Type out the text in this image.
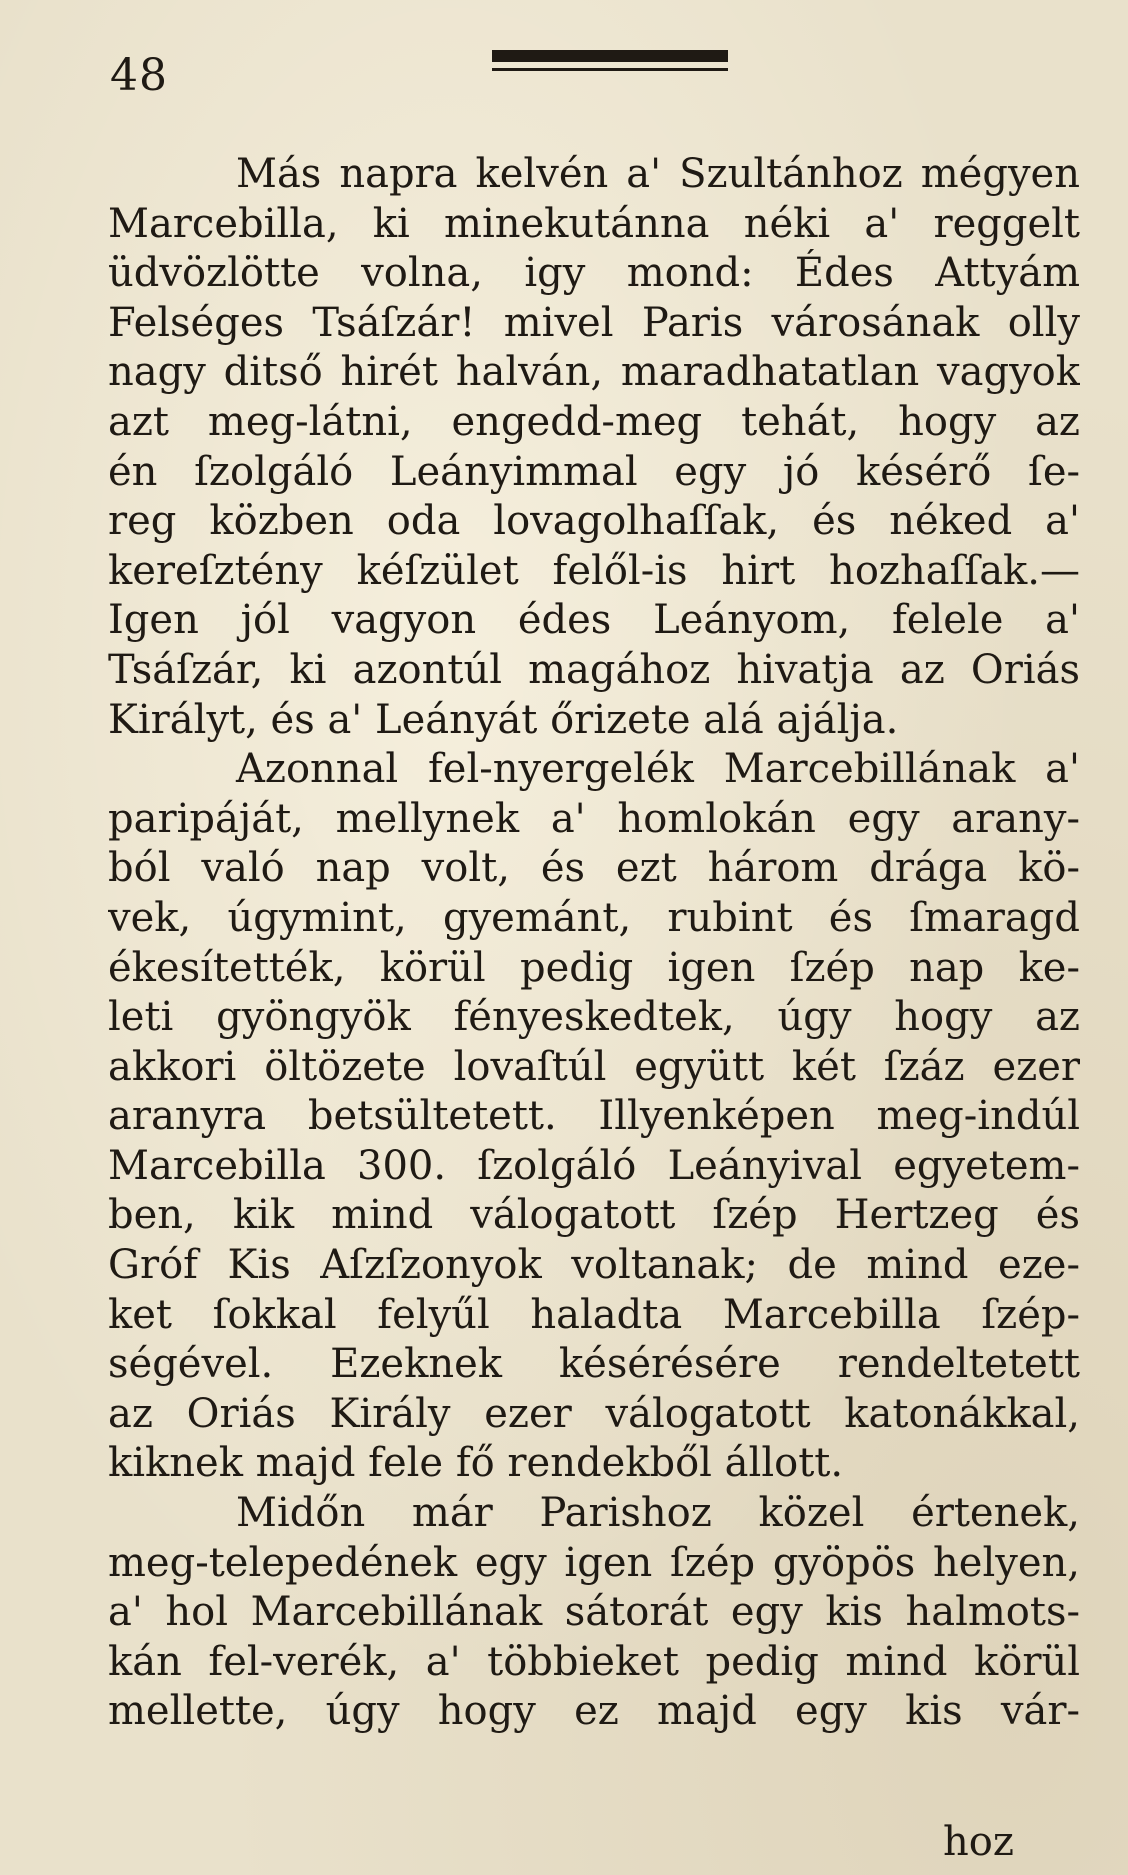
48
Más napra kelvén a' Szultánhoz mégyen
Marcebilla, ki minekutánna néki a' reggelt
üdvözlötte volna, igy mond: Édes Attyám
Felséges Tsáſzár! mivel Paris városának olly
nagy ditső hirét halván, maradhatatlan vagyok
azt meg-látni, engedd-meg tehát, hogy az
én ſzolgáló Leányimmal egy jó késérő ſe-
reg közben oda lovagolhaſſak, és néked a'
kereſztény kéſzület felől-is hirt hozhaſſak.—
Igen jól vagyon édes Leányom, felele a'
Tsáſzár, ki azontúl magához hivatja az Oriás
Királyt, és a' Leányát őrizete alá ajálja.
Azonnal fel-nyergelék Marcebillának a'
paripáját, mellynek a' homlokán egy arany-
ból való nap volt, és ezt három drága kö-
vek, úgymint, gyemánt, rubint és ſmaragd
ékesítették, körül pedig igen ſzép nap ke-
leti gyöngyök fényeskedtek, úgy hogy az
akkori öltözete lovaſtúl együtt két ſzáz ezer
aranyra betsültetett. Illyenképen meg-indúl
Marcebilla 300. ſzolgáló Leányival egyetem-
ben, kik mind válogatott ſzép Hertzeg és
Gróf Kis Aſzſzonyok voltanak; de mind eze-
ket ſokkal felyűl haladta Marcebilla ſzép-
ségével. Ezeknek késérésére rendeltetett
az Oriás Király ezer válogatott katonákkal,
kiknek majd fele fő rendekből állott.
Midőn már Parishoz közel értenek,
meg-telepedének egy igen ſzép gyöpös helyen,
a' hol Marcebillának sátorát egy kis halmots-
kán fel-verék, a' többieket pedig mind körül
mellette, úgy hogy ez majd egy kis vár-
hoz
